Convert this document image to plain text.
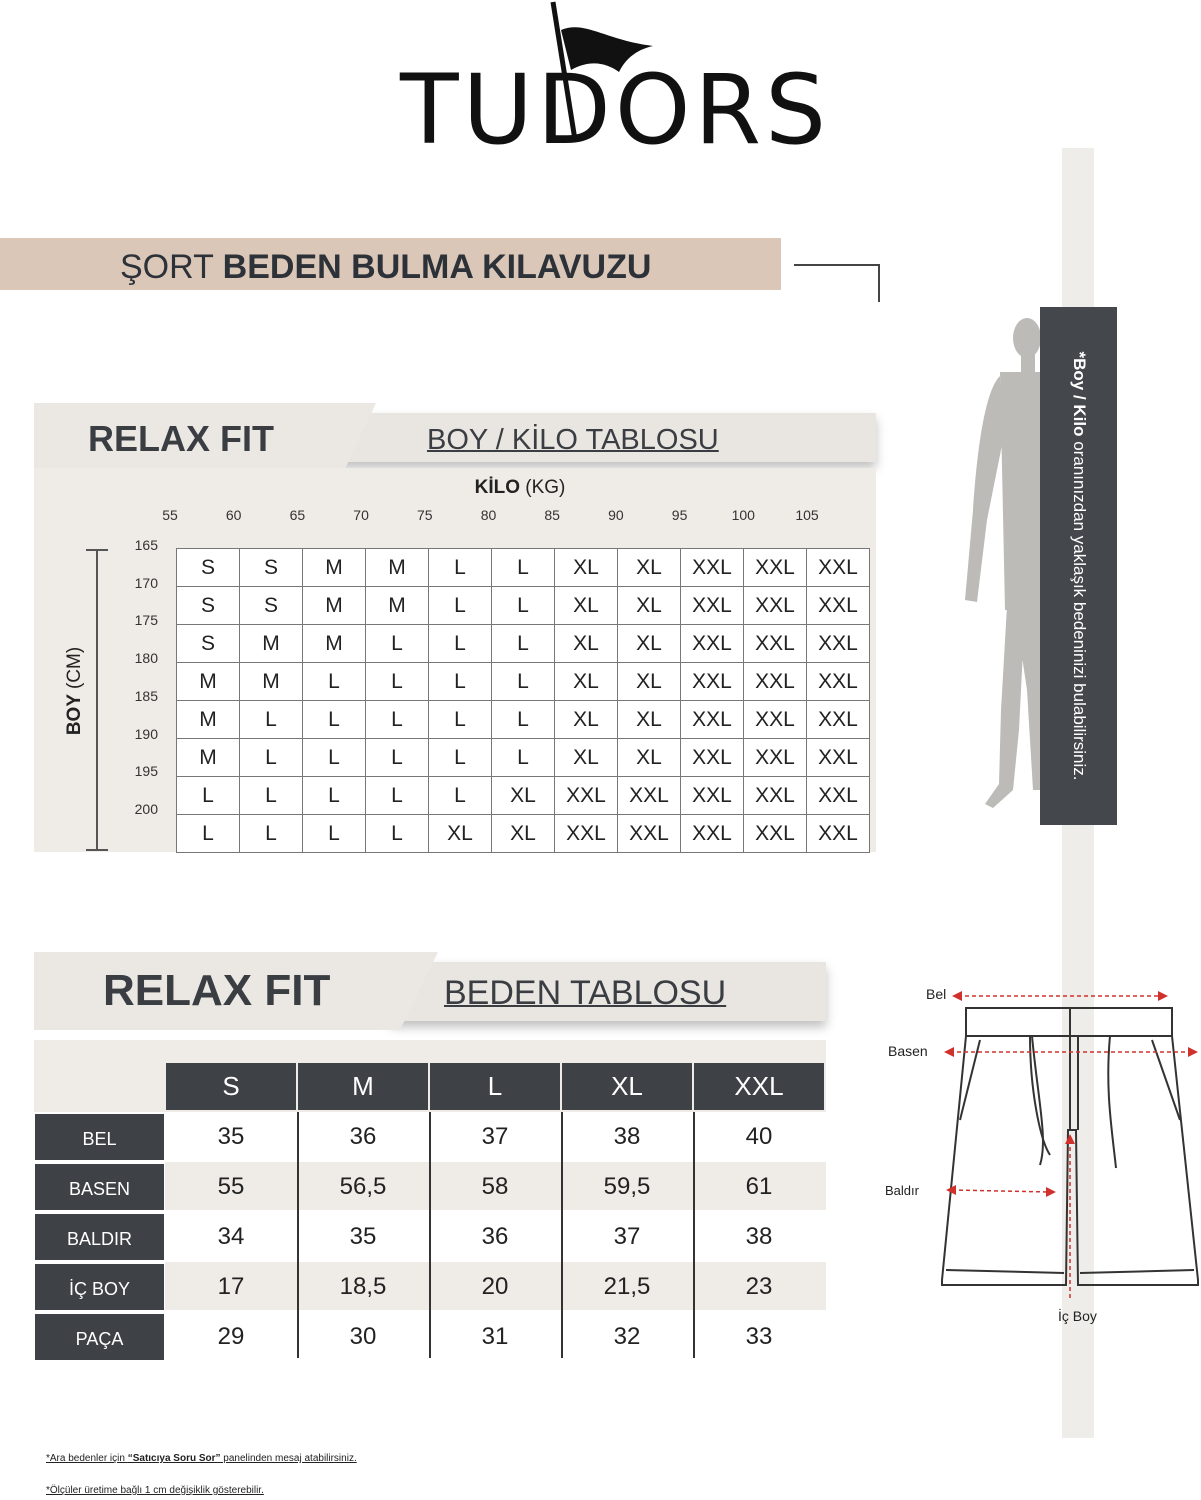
TUDORS
ŞORT BEDEN BULMA KILAVUZU
*Boy / Kilo oranınızdan yaklaşık bedeninizi bulabilirsiniz.
RELAX FIT	BOY / KİLO TABLOSU
KİLO (KG)
55	60	65	70	75	80	85	90	95	100	105
165
170
175
180
185
190
195
200
BOY (CM)
S	S	M	M	L	L	XL	XL	XXL	XXL	XXL
S	S	M	M	L	L	XL	XL	XXL	XXL	XXL
S	M	M	L	L	L	XL	XL	XXL	XXL	XXL
M	M	L	L	L	L	XL	XL	XXL	XXL	XXL
M	L	L	L	L	L	XL	XL	XXL	XXL	XXL
M	L	L	L	L	L	XL	XL	XXL	XXL	XXL
L	L	L	L	L	XL	XXL	XXL	XXL	XXL	XXL
L	L	L	L	XL	XL	XXL	XXL	XXL	XXL	XXL
RELAX FIT	BEDEN TABLOSU
S	M	L	XL	XXL
BEL	35	36	37	38	40
BASEN	55	56,5	58	59,5	61
BALDIR	34	35	36	37	38
İÇ BOY	17	18,5	20	21,5	23
PAÇA	29	30	31	32	33
Bel
Basen
Baldır
İç Boy
*Ara bedenler için “Satıcıya Soru Sor” panelinden mesaj atabilirsiniz.
*Ölçüler üretime bağlı 1 cm değişiklik gösterebilir.
